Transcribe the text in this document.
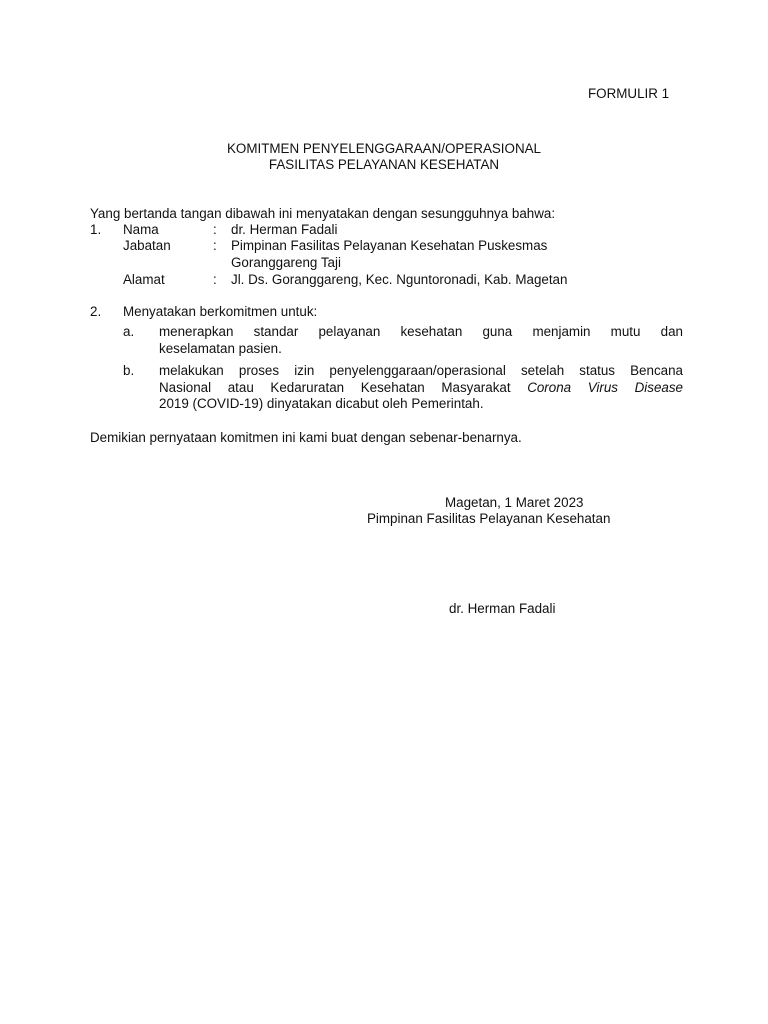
FORMULIR 1
KOMITMEN PENYELENGGARAAN/OPERASIONAL
FASILITAS PELAYANAN KESEHATAN
Yang bertanda tangan dibawah ini menyatakan dengan sesungguhnya bahwa:
1. Nama	: dr. Herman Fadali
Jabatan	: Pimpinan Fasilitas Pelayanan Kesehatan Puskesmas
Goranggareng Taji
Alamat	: Jl. Ds. Goranggareng, Kec. Nguntoronadi, Kab. Magetan
2. Menyatakan berkomitmen untuk:
a. menerapkan standar pelayanan kesehatan guna menjamin mutu dan
keselamatan pasien.
b. melakukan proses izin penyelenggaraan/operasional setelah status Bencana
Nasional atau Kedaruratan Kesehatan Masyarakat Corona Virus Disease
2019 (COVID-19) dinyatakan dicabut oleh Pemerintah.
Demikian pernyataan komitmen ini kami buat dengan sebenar-benarnya.
Magetan, 1 Maret 2023
Pimpinan Fasilitas Pelayanan Kesehatan
dr. Herman Fadali
